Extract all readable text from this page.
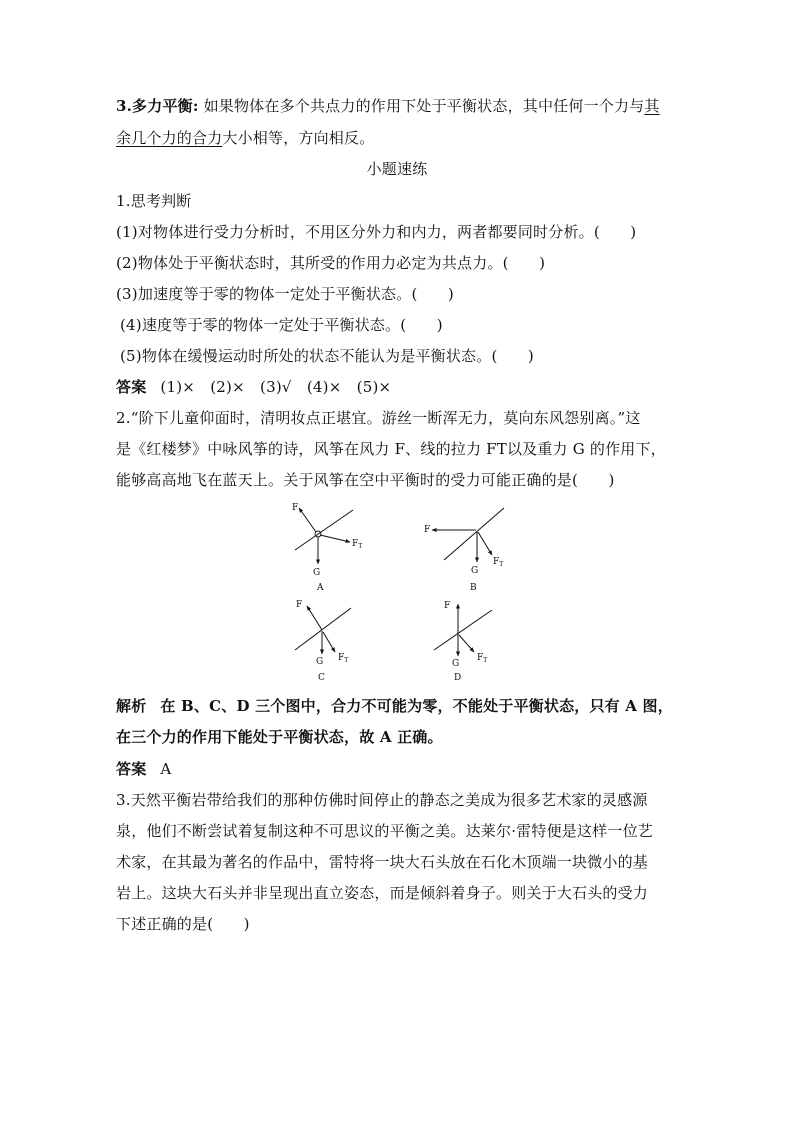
3.多力平衡: 如果物体在多个共点力的作用下处于平衡状态，其中任何一个力与其
余几个力的合力大小相等，方向相反。
小题速练
1.思考判断
(1)对物体进行受力分析时，不用区分外力和内力，两者都要同时分析。(　　)
(2)物体处于平衡状态时，其所受的作用力必定为共点力。(　　)
(3)加速度等于零的物体一定处于平衡状态。(　　)
(4)速度等于零的物体一定处于平衡状态。(　　)
(5)物体在缓慢运动时所处的状态不能认为是平衡状态。(　　)
答案 (1)×　(2)×　(3)√　(4)×　(5)×
2.“阶下儿童仰面时，清明妆点正堪宜。游丝一断浑无力，莫向东风怨别离。”这
是《红楼梦》中咏风筝的诗，风筝在风力 F、线的拉力 FT以及重力 G 的作用下，
能够高高地飞在蓝天上。关于风筝在空中平衡时的受力可能正确的是(　　)
F
$F_T$
G
A
F
$F_T$
G
B
F
$F_T$
G
C
F
$F_T$
G
D
解析 在 B、C、D 三个图中，合力不可能为零，不能处于平衡状态，只有 A 图，
在三个力的作用下能处于平衡状态，故 A 正确。
答案 A
3.天然平衡岩带给我们的那种仿佛时间停止的静态之美成为很多艺术家的灵感源
泉，他们不断尝试着复制这种不可思议的平衡之美。达莱尔·雷特便是这样一位艺
术家，在其最为著名的作品中，雷特将一块大石头放在石化木顶端一块微小的基
岩上。这块大石头并非呈现出直立姿态，而是倾斜着身子。则关于大石头的受力
下述正确的是(　　)
